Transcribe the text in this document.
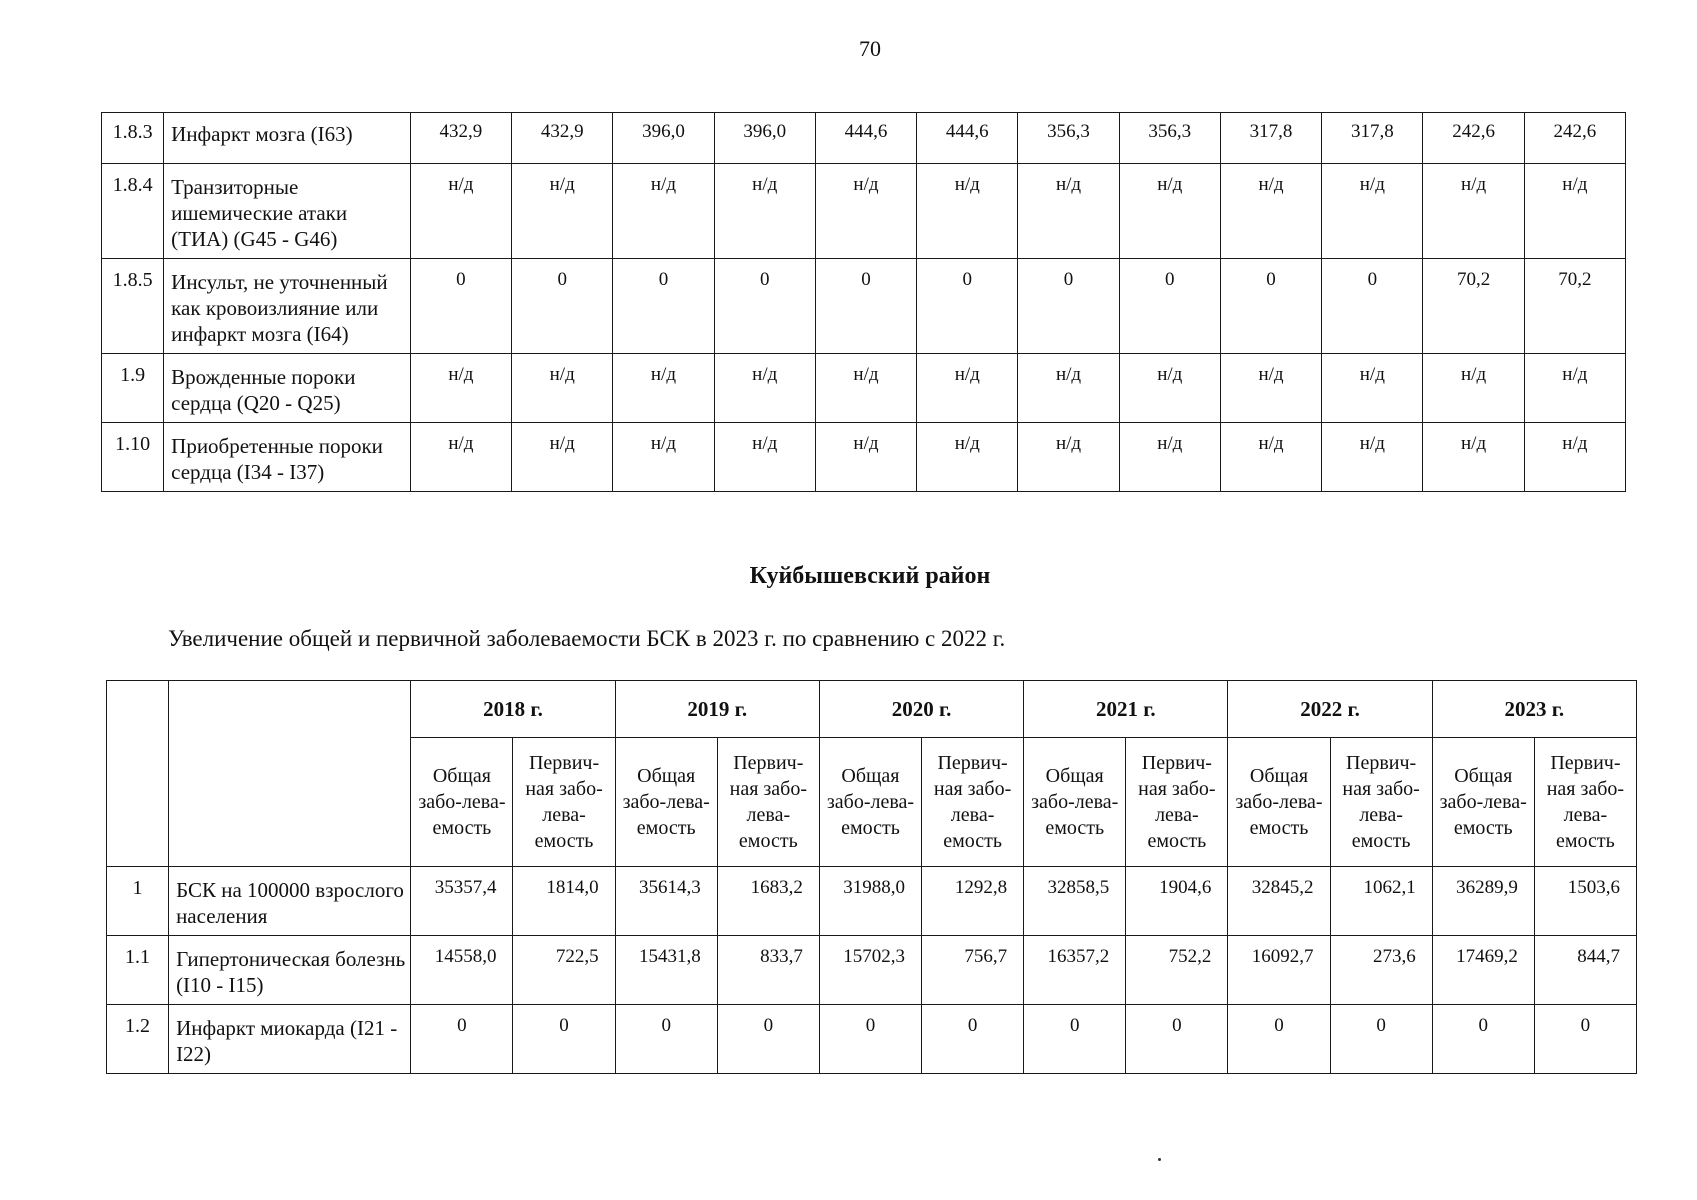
70
1.8.3	Инфаркт мозга (I63)	432,9	432,9	396,0	396,0	444,6	444,6	356,3	356,3	317,8	317,8	242,6	242,6
1.8.4	Транзиторные ишемические атаки (ТИА) (G45 - G46)	н/д	н/д	н/д	н/д	н/д	н/д	н/д	н/д	н/д	н/д	н/д	н/д
1.8.5	Инсульт, не уточненный как кровоизлияние или инфаркт мозга (I64)	0	0	0	0	0	0	0	0	0	0	70,2	70,2
1.9	Врожденные пороки сердца (Q20 - Q25)	н/д	н/д	н/д	н/д	н/д	н/д	н/д	н/д	н/д	н/д	н/д	н/д
1.10	Приобретенные пороки сердца (I34 - I37)	н/д	н/д	н/д	н/д	н/д	н/д	н/д	н/д	н/д	н/д	н/д	н/д
Куйбышевский район
Увеличение общей и первичной заболеваемости БСК в 2023 г. по сравнению с 2022 г.
		2018 г.		2019 г.		2020 г.		2021 г.		2022 г.		2023 г.	
		Общая забо-лева-емость	Первич-ная забо-лева-емость	Общая забо-лева-емость	Первич-ная забо-лева-емость	Общая забо-лева-емость	Первич-ная забо-лева-емость	Общая забо-лева-емость	Первич-ная забо-лева-емость	Общая забо-лева-емость	Первич-ная забо-лева-емость	Общая забо-лева-емость	Первич-ная забо-лева-емость
1	БСК на 100000 взрослого населения	35357,4	1814,0	35614,3	1683,2	31988,0	1292,8	32858,5	1904,6	32845,2	1062,1	36289,9	1503,6
1.1	Гипертоническая болезнь (I10 - I15)	14558,0	722,5	15431,8	833,7	15702,3	756,7	16357,2	752,2	16092,7	273,6	17469,2	844,7
1.2	Инфаркт миокарда (I21 - I22)	0	0	0	0	0	0	0	0	0	0	0	0
